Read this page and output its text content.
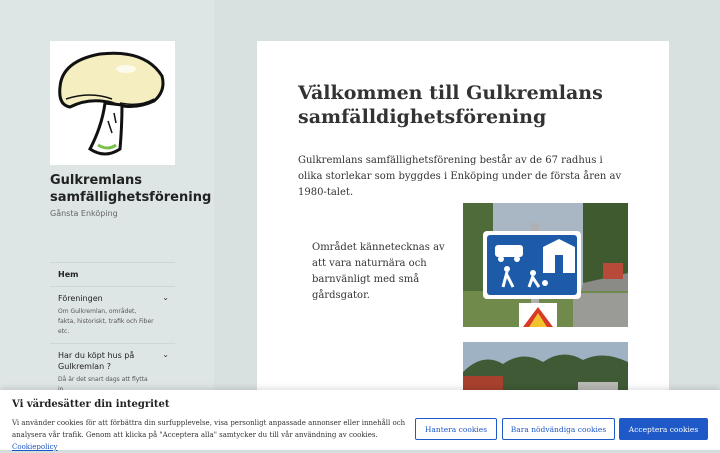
Gulkremlans samfällighetsförening
Gånsta Enköping
Hem
Föreningen	⌄
Om Gulkremlan, området, fakta, historiskt, trafik och Fiber etc.
Har du köpt hus på Gulkremlan ?
⌄
Då är det snart dags att flytta
Välkommen till Gulkremlans samfälldighetsförening

Gulkremlans samfällighetsförening består av de 67 radhus i olika storlekar som byggdes i Enköping under de första åren av 1980-talet.

Området kännetecknas av att vara naturnära och barnvänligt med små gårdsgator.

Vi värdesätter din integritet

Vi använder cookies för att förbättra din surfupplevelse, visa personligt anpassade annonser eller innehåll och analysera vår trafik. Genom att klicka på "Acceptera alla" samtycker du till vår användning av cookies. Cookiepolicy

Hantera cookies	Bara nödvändiga cookies	Acceptera cookies
